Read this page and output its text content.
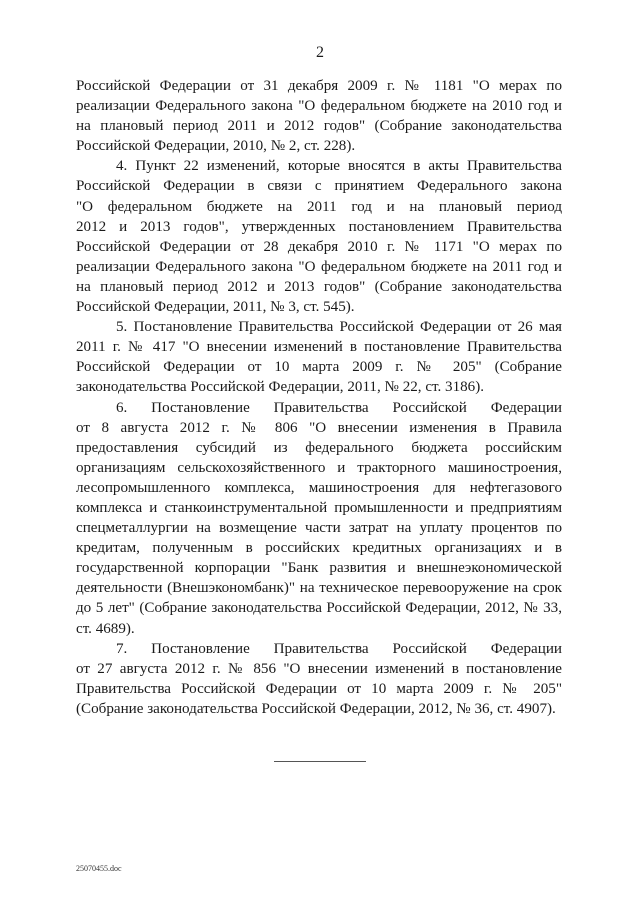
2
Российской Федерации от 31 декабря 2009 г. № 1181 "О мерах по
реализации Федерального закона "О федеральном бюджете на 2010 год и
на плановый период 2011 и 2012 годов" (Собрание законодательства
Российской Федерации, 2010, № 2, ст. 228).
4. Пункт 22 изменений, которые вносятся в акты Правительства
Российской Федерации в связи с принятием Федерального закона
"О федеральном бюджете на 2011 год и на плановый период
2012 и 2013 годов", утвержденных постановлением Правительства
Российской Федерации от 28 декабря 2010 г. № 1171 "О мерах по
реализации Федерального закона "О федеральном бюджете на 2011 год и
на плановый период 2012 и 2013 годов" (Собрание законодательства
Российской Федерации, 2011, № 3, ст. 545).
5. Постановление Правительства Российской Федерации от 26 мая
2011 г. № 417 "О внесении изменений в постановление Правительства
Российской Федерации от 10 марта 2009 г. № 205" (Собрание
законодательства Российской Федерации, 2011, № 22, ст. 3186).
6. Постановление Правительства Российской Федерации
от 8 августа 2012 г. № 806 "О внесении изменения в Правила
предоставления субсидий из федерального бюджета российским
организациям сельскохозяйственного и тракторного машиностроения,
лесопромышленного комплекса, машиностроения для нефтегазового
комплекса и станкоинструментальной промышленности и предприятиям
спецметаллургии на возмещение части затрат на уплату процентов по
кредитам, полученным в российских кредитных организациях и в
государственной корпорации "Банк развития и внешнеэкономической
деятельности (Внешэкономбанк)" на техническое перевооружение на срок
до 5 лет" (Собрание законодательства Российской Федерации, 2012, № 33,
ст. 4689).
7. Постановление Правительства Российской Федерации
от 27 августа 2012 г. № 856 "О внесении изменений в постановление
Правительства Российской Федерации от 10 марта 2009 г. № 205"
(Собрание законодательства Российской Федерации, 2012, № 36, ст. 4907).
25070455.doc
